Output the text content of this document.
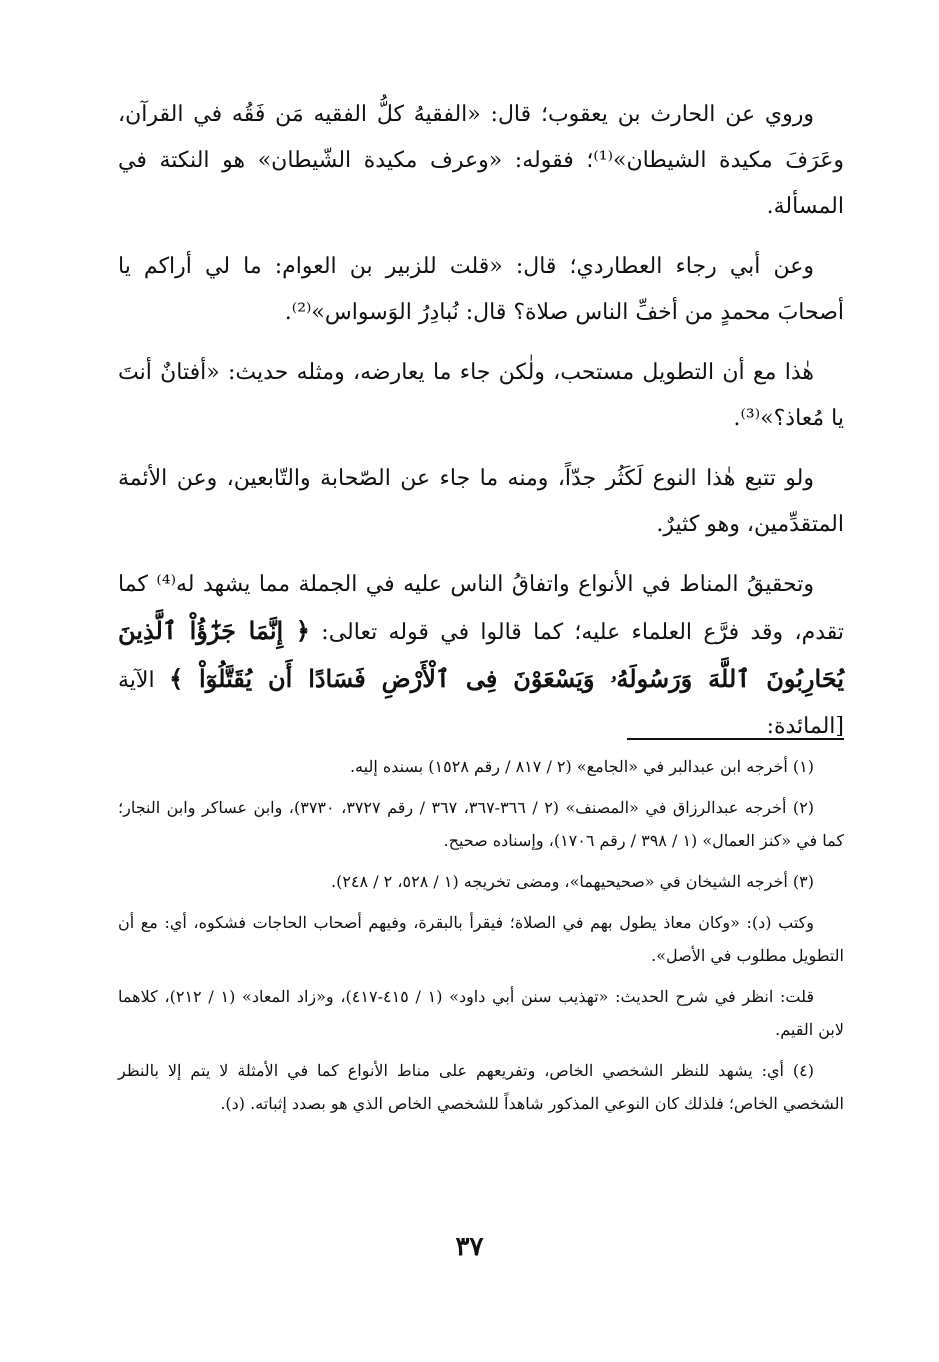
وروي عن الحارث بن يعقوب؛ قال: «الفقيهُ كلُّ الفقيه مَن فَقُه في القرآن، وعَرَفَ مكيدة الشيطان»⁽¹⁾؛ فقوله: «وعرف مكيدة الشّيطان» هو النكتة في المسألة.

وعن أبي رجاء العطاردي؛ قال: «قلت للزبير بن العوام: ما لي أراكم يا أصحابَ محمدٍ من أخفِّ الناس صلاة؟ قال: نُبادِرُ الوَسواس»⁽²⁾.

هٰذا مع أن التطويل مستحب، ولٰكن جاء ما يعارضه، ومثله حديث: «أفتانٌ أنتَ يا مُعاذ؟»⁽³⁾.

ولو تتبع هٰذا النوع لَكَثُر جدّاً، ومنه ما جاء عن الصّحابة والتّابعين، وعن الأئمة المتقدِّمين، وهو كثيرٌ.

وتحقيقُ المناط في الأنواع واتفاقُ الناس عليه في الجملة مما يشهد له⁽⁴⁾ كما تقدم، وقد فرَّع العلماء عليه؛ كما قالوا في قوله تعالى: ﴿ إِنَّمَا جَزَٰٓؤُاْ ٱلَّذِينَ يُحَارِبُونَ ٱللَّهَ وَرَسُولَهُۥ وَيَسْعَوْنَ فِى ٱلْأَرْضِ فَسَادًا أَن يُقَتَّلُوٓاْ ﴾ الآية [المائدة:

(١) أخرجه ابن عبدالبر في «الجامع» (٢ / ٨١٧ / رقم ١٥٢٨) بسنده إليه.

(٢) أخرجه عبدالرزاق في «المصنف» (٢ / ٣٦٦-٣٦٧، ٣٦٧ / رقم ٣٧٢٧، ٣٧٣٠)، وابن عساكر وابن النجار؛ كما في «كنز العمال» (١ / ٣٩٨ / رقم ١٧٠٦)، وإسناده صحيح.

(٣) أخرجه الشيخان في «صحيحيهما»، ومضى تخريجه (١ / ٥٢٨، ٢ / ٢٤٨).

وكتب (د): «وكان معاذ يطول بهم في الصلاة؛ فيقرأ بالبقرة، وفيهم أصحاب الحاجات فشكوه، أي: مع أن التطويل مطلوب في الأصل».

قلت: انظر في شرح الحديث: «تهذيب سنن أبي داود» (١ / ٤١٥-٤١٧)، و«زاد المعاد» (١ / ٢١٢)، كلاهما لابن القيم.

(٤) أي: يشهد للنظر الشخصي الخاص، وتفريعهم على مناط الأنواع كما في الأمثلة لا يتم إلا بالنظر الشخصي الخاص؛ فلذلك كان النوعي المذكور شاهداً للشخصي الخاص الذي هو بصدد إثباته. (د).

٣٧
